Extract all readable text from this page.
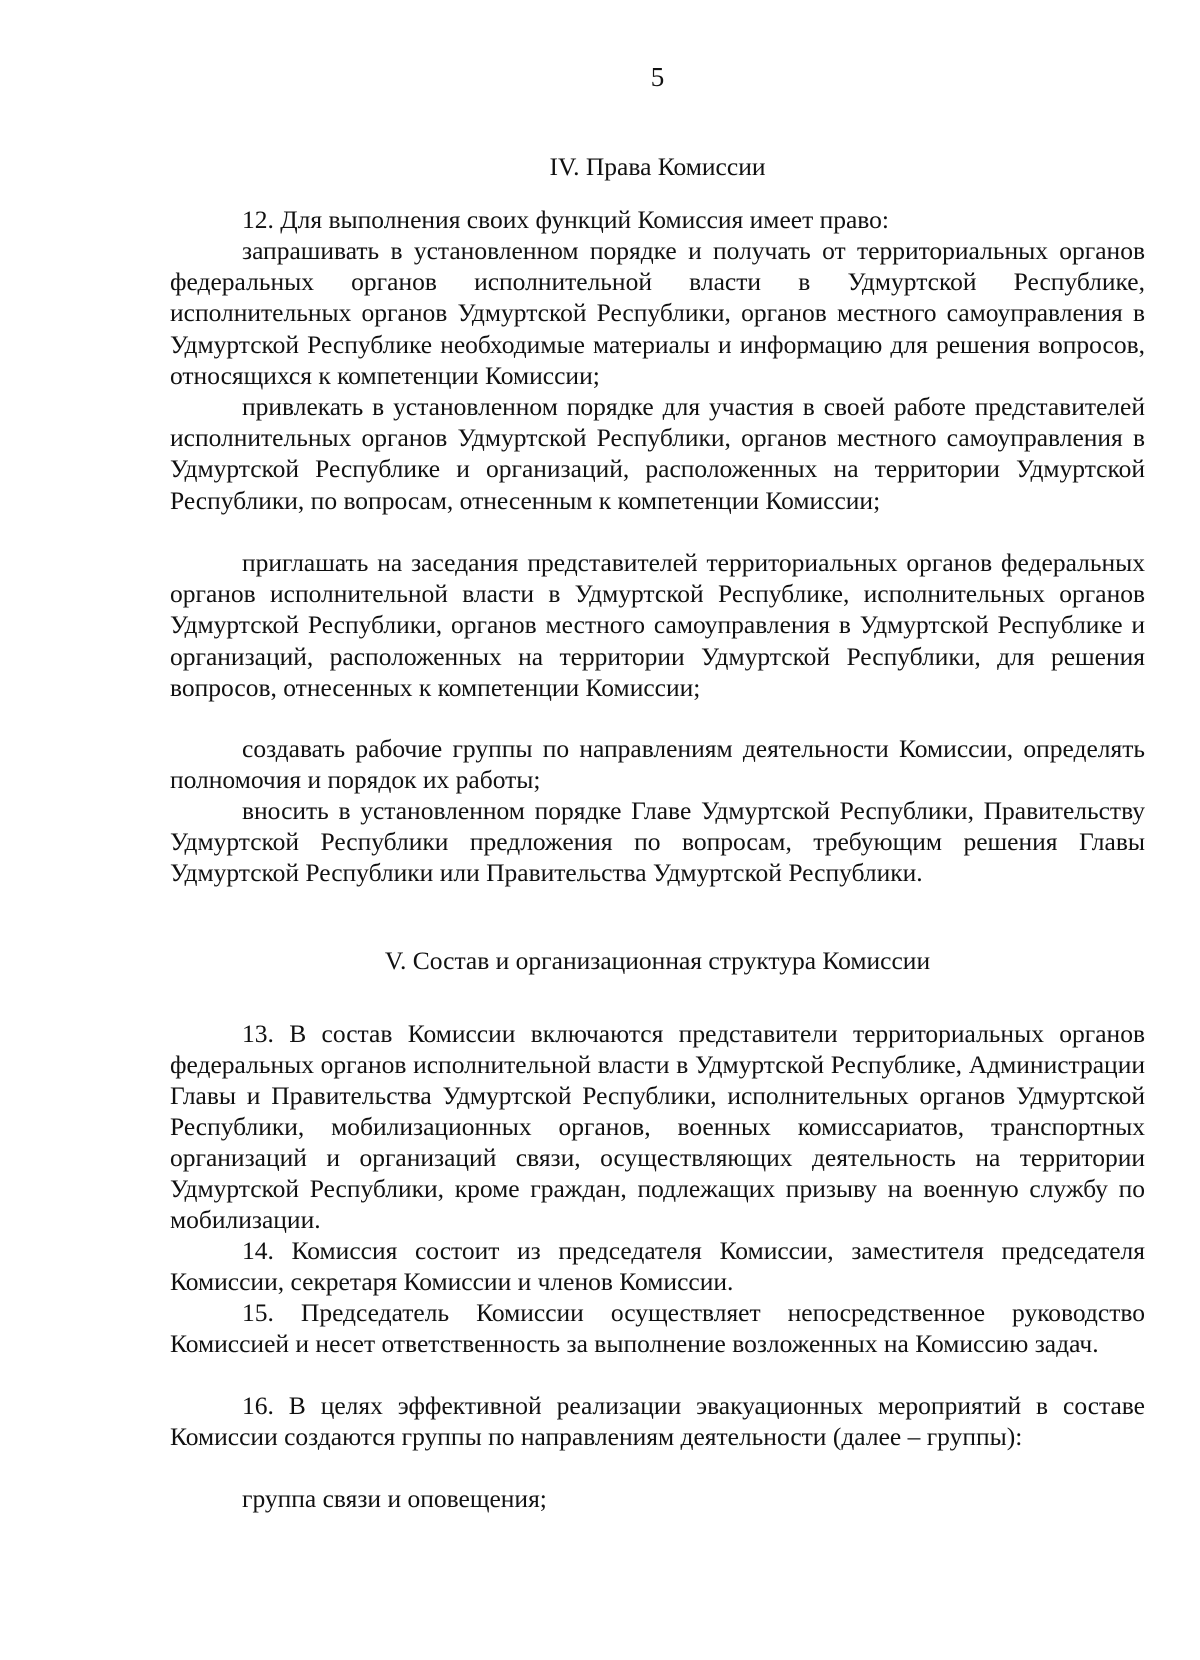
5
IV. Права Комиссии

12. Для выполнения своих функций Комиссия имеет право:

запрашивать в установленном порядке и получать от территориальных органов федеральных органов исполнительной власти в Удмуртской Республике, исполнительных органов Удмуртской Республики, органов местного самоуправления в Удмуртской Республике необходимые материалы и информацию для решения вопросов, относящихся к компетенции Комиссии;

привлекать в установленном порядке для участия в своей работе представителей исполнительных органов Удмуртской Республики, органов местного самоуправления в Удмуртской Республике и организаций, расположенных на территории Удмуртской Республики, по вопросам, отнесенным к компетенции Комиссии;

приглашать на заседания представителей территориальных органов федеральных органов исполнительной власти в Удмуртской Республике, исполнительных органов Удмуртской Республики, органов местного самоуправления в Удмуртской Республике и организаций, расположенных на территории Удмуртской Республики, для решения вопросов, отнесенных к компетенции Комиссии;

создавать рабочие группы по направлениям деятельности Комиссии, определять полномочия и порядок их работы;

вносить в установленном порядке Главе Удмуртской Республики, Правительству Удмуртской Республики предложения по вопросам, требующим решения Главы Удмуртской Республики или Правительства Удмуртской Республики.

V. Состав и организационная структура Комиссии

13. В состав Комиссии включаются представители территориальных органов федеральных органов исполнительной власти в Удмуртской Республике, Администрации Главы и Правительства Удмуртской Республики, исполнительных органов Удмуртской Республики, мобилизационных органов, военных комиссариатов, транспортных организаций и организаций связи, осуществляющих деятельность на территории Удмуртской Республики, кроме граждан, подлежащих призыву на военную службу по мобилизации.

14. Комиссия состоит из председателя Комиссии, заместителя председателя Комиссии, секретаря Комиссии и членов Комиссии.

15. Председатель Комиссии осуществляет непосредственное руководство Комиссией и несет ответственность за выполнение возложенных на Комиссию задач.

16. В целях эффективной реализации эвакуационных мероприятий в составе Комиссии создаются группы по направлениям деятельности (далее – группы):

группа связи и оповещения;
